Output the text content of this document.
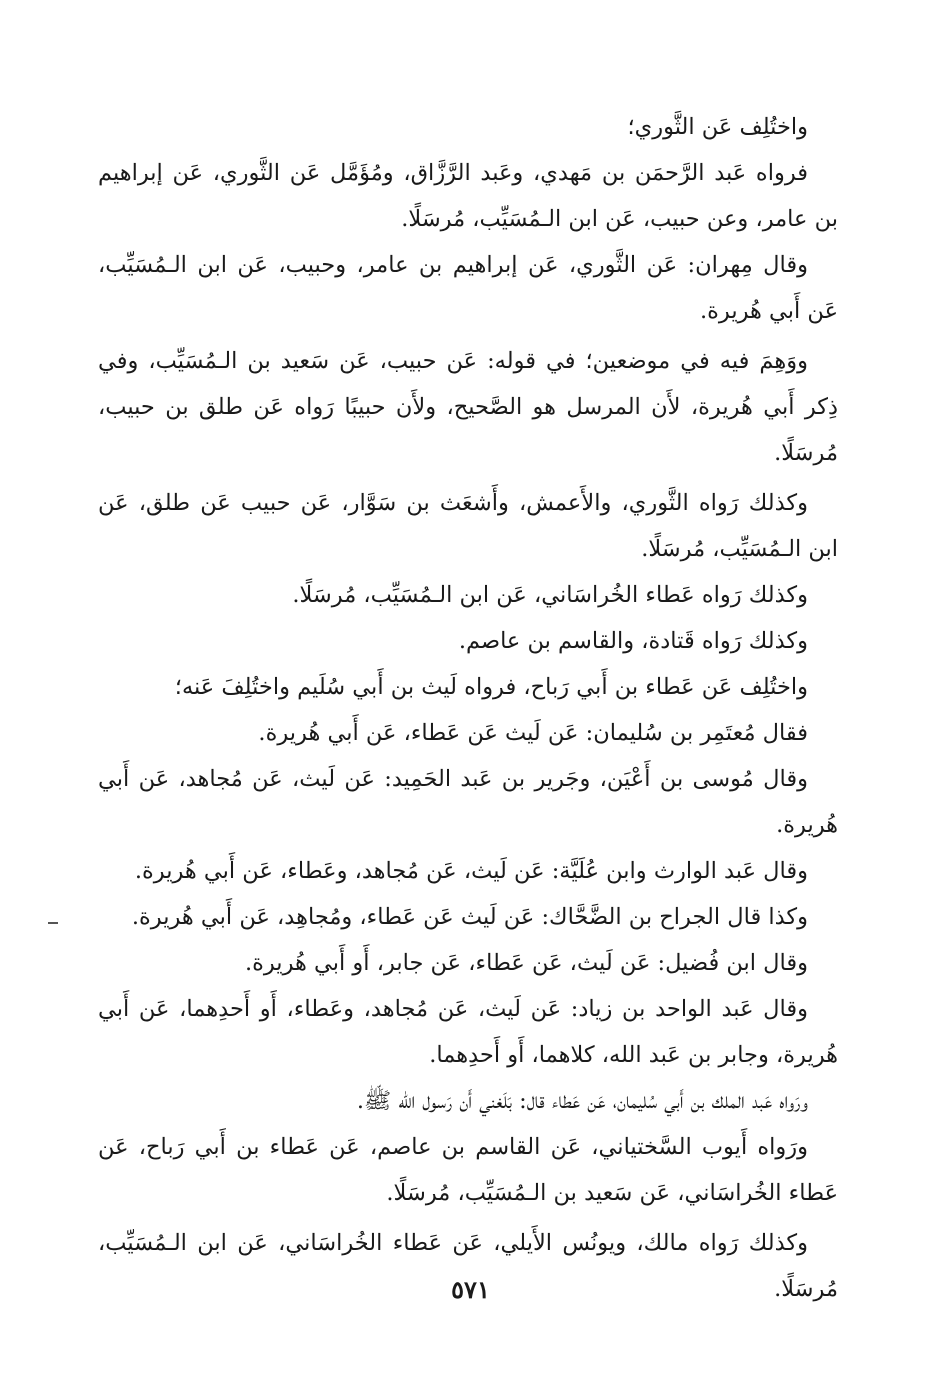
واختُلِف عَن الثَّوري؛

فرواه عَبد الرَّحمَن بن مَهدي، وعَبد الرَّزَّاق، ومُؤَمَّل عَن الثَّوري، عَن إبراهيم بن عامر، وعن حبيب، عَن ابن الـمُسَيِّب، مُرسَلًا.

وقال مِهران: عَن الثَّوري، عَن إبراهيم بن عامر، وحبيب، عَن ابن الـمُسَيِّب، عَن أَبي هُريرة.

ووَهِمَ فيه في موضعين؛ في قوله: عَن حبيب، عَن سَعيد بن الـمُسَيِّب، وفي ذِكر أَبي هُريرة، لأَن المرسل هو الصَّحيح، ولأَن حبيبًا رَواه عَن طلق بن حبيب، مُرسَلًا.

وكذلك رَواه الثَّوري، والأَعمش، وأَشعَث بن سَوَّار، عَن حبيب عَن طلق، عَن ابن الـمُسَيِّب، مُرسَلًا.

وكذلك رَواه عَطاء الخُراسَاني، عَن ابن الـمُسَيِّب، مُرسَلًا.

وكذلك رَواه قَتادة، والقاسم بن عاصم.

واختُلِف عَن عَطاء بن أَبي رَباح، فرواه لَيث بن أَبي سُلَيم واختُلِفَ عَنه؛

فقال مُعتَمِر بن سُليمان: عَن لَيث عَن عَطاء، عَن أَبي هُريرة.

وقال مُوسى بن أَعْيَن، وجَرير بن عَبد الحَمِيد: عَن لَيث، عَن مُجاهد، عَن أَبي هُريرة.

وقال عَبد الوارث وابن عُلَيَّة: عَن لَيث، عَن مُجاهد، وعَطاء، عَن أَبي هُريرة.

وكذا قال الجراح بن الضَّحَّاك: عَن لَيث عَن عَطاء، ومُجاهِد، عَن أَبي هُريرة.

وقال ابن فُضيل: عَن لَيث، عَن عَطاء، عَن جابر، أَو أَبي هُريرة.

وقال عَبد الواحد بن زياد: عَن لَيث، عَن مُجاهد، وعَطاء، أَو أَحدِهما، عَن أَبي هُريرة، وجابر بن عَبد الله، كلاهما، أَو أَحدِهما.

ورَواه عَبد الملك بن أَبي سُليمان، عَن عَطاء قال: بَلَغني أَن رَسول الله ﷺ.

ورَواه أَيوب السَّختياني، عَن القاسم بن عاصم، عَن عَطاء بن أَبي رَباح، عَن عَطاء الخُراسَاني، عَن سَعيد بن الـمُسَيِّب، مُرسَلًا.

وكذلك رَواه مالك، ويونُس الأَيلي، عَن عَطاء الخُراسَاني، عَن ابن الـمُسَيِّب، مُرسَلًا.

٥٧١
